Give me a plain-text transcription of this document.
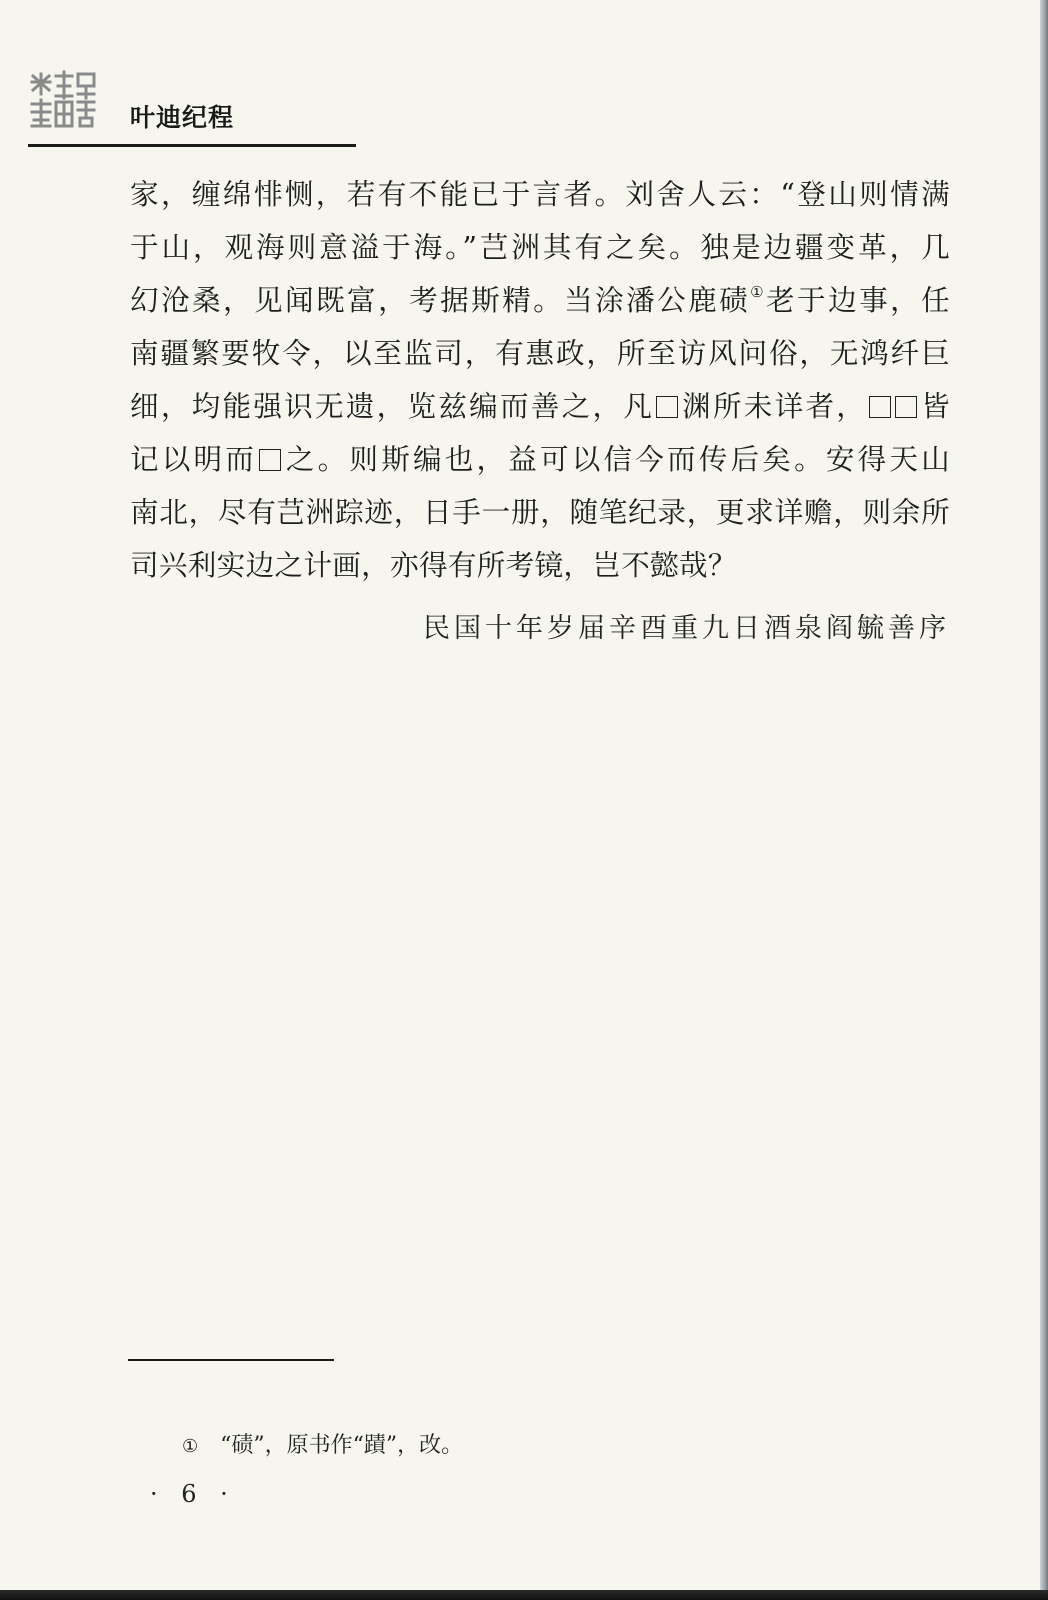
叶迪纪程
家，缠绵悱恻，若有不能已于言者。刘舍人云：“登山则情满
于山，观海则意溢于海。”芑洲其有之矣。独是边疆变革，几
幻沧桑，见闻既富，考据斯精。当涂潘公鹿碛①老于边事，任
南疆繁要牧令，以至监司，有惠政，所至访风问俗，无鸿纤巨
细，均能强识无遗，览兹编而善之，凡 渊所未详者， 皆
记以明而 之。则斯编也，益可以信今而传后矣。安得天山
南北，尽有芑洲踪迹，日手一册，随笔纪录，更求详赡，则余所
司兴利实边之计画，亦得有所考镜，岂不懿哉？
民国十年岁届辛酉重九日酒泉阎毓善序
① “碛”，原书作“蹟”，改。
· 6 ·
